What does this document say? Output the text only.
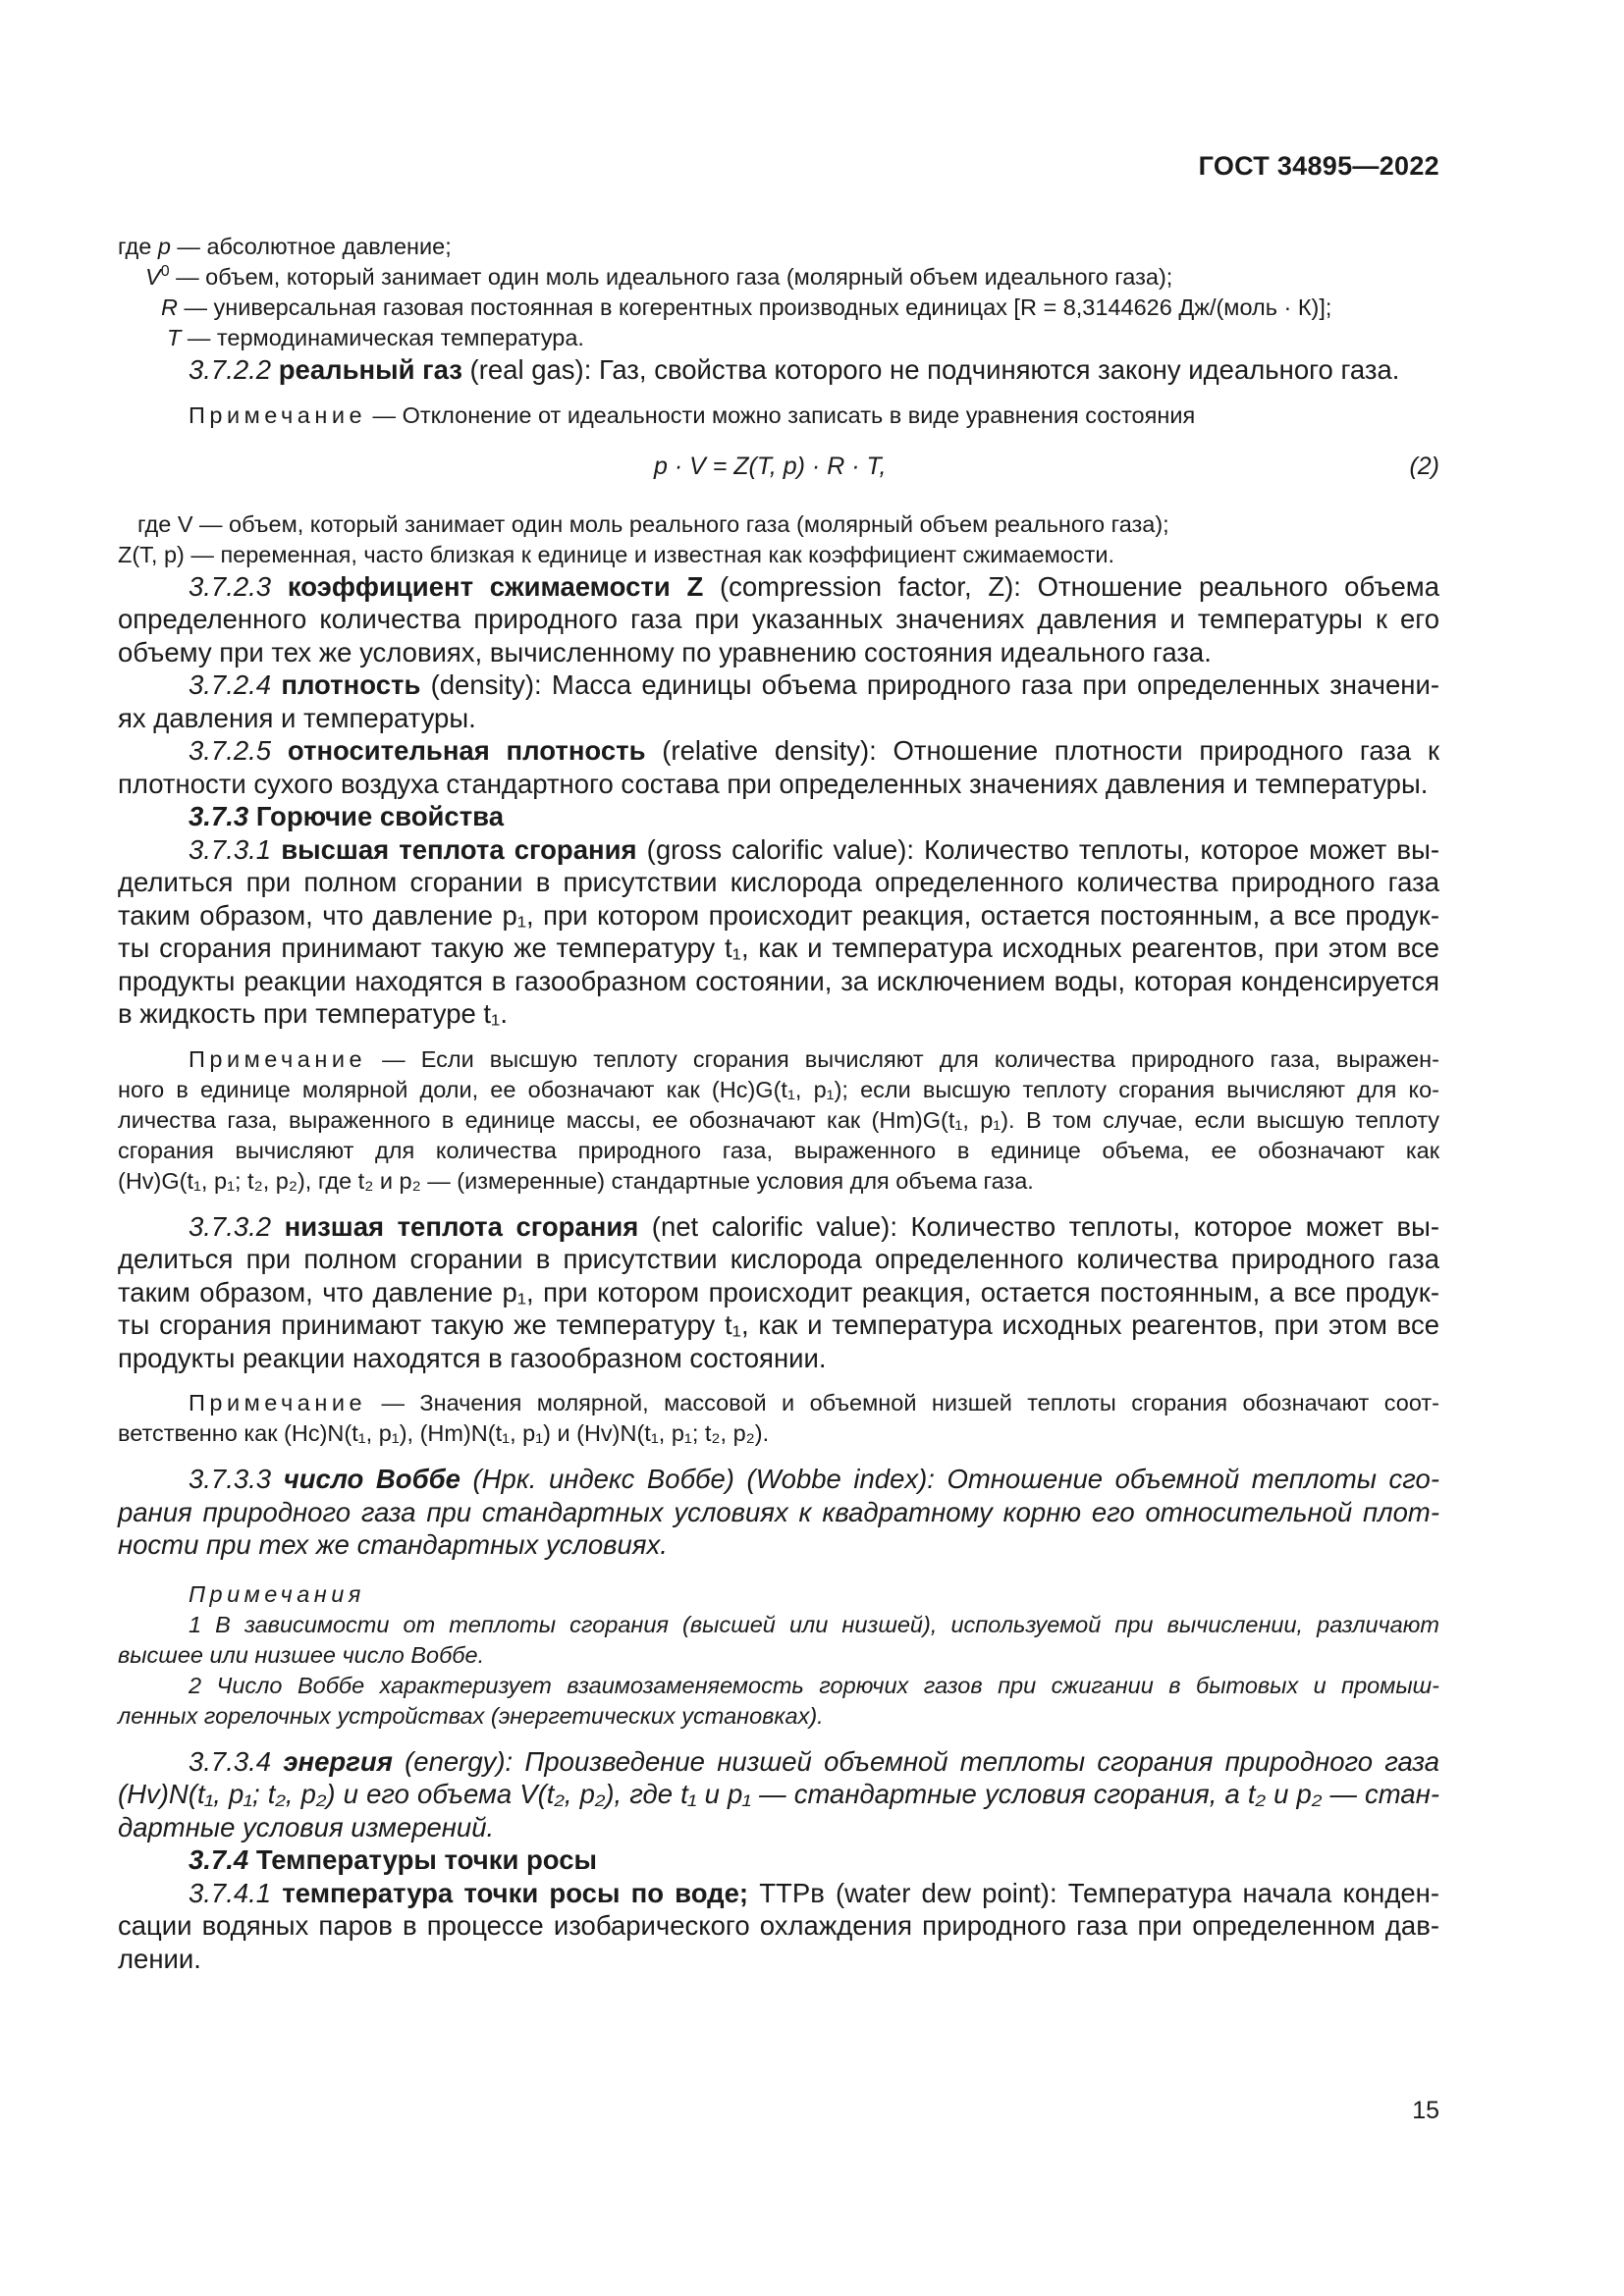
ГОСТ 34895—2022
где p — абсолютное давление;
$V^0$ — объем, который занимает один моль идеального газа (молярный объем идеального газа);
R — универсальная газовая постоянная в когерентных производных единицах [R = 8,3144626 Дж/(моль · К)];
T — термодинамическая температура.
3.7.2.2 реальный газ (real gas): Газ, свойства которого не подчиняются закону идеального газа.
Примечание — Отклонение от идеальности можно записать в виде уравнения состояния
p · V = Z(T, p) · R · T,	(2)
где V — объем, который занимает один моль реального газа (молярный объем реального газа);
Z(T, p) — переменная, часто близкая к единице и известная как коэффициент сжимаемости.
3.7.2.3 коэффициент сжимаемости Z (compression factor, Z): Отношение реального объема
определенного количества природного газа при указанных значениях давления и температуры к его
объему при тех же условиях, вычисленному по уравнению состояния идеального газа.
3.7.2.4 плотность (density): Масса единицы объема природного газа при определенных значени-
ях давления и температуры.
3.7.2.5 относительная плотность (relative density): Отношение плотности природного газа к
плотности сухого воздуха стандартного состава при определенных значениях давления и температуры.
3.7.3 Горючие свойства
3.7.3.1 высшая теплота сгорания (gross calorific value): Количество теплоты, которое может вы-
делиться при полном сгорании в присутствии кислорода определенного количества природного газа
таким образом, что давление p₁, при котором происходит реакция, остается постоянным, а все продук-
ты сгорания принимают такую же температуру t₁, как и температура исходных реагентов, при этом все
продукты реакции находятся в газообразном состоянии, за исключением воды, которая конденсируется
в жидкость при температуре t₁.
Примечание — Если высшую теплоту сгорания вычисляют для количества природного газа, выражен-
ного в единице молярной доли, ее обозначают как (Hc)G(t₁, p₁); если высшую теплоту сгорания вычисляют для ко-
личества газа, выраженного в единице массы, ее обозначают как (Hm)G(t₁, p₁). В том случае, если высшую теплоту
сгорания вычисляют для количества природного газа, выраженного в единице объема, ее обозначают как
(Hv)G(t₁, p₁; t₂, p₂), где t₂ и p₂ — (измеренные) стандартные условия для объема газа.
3.7.3.2 низшая теплота сгорания (net calorific value): Количество теплоты, которое может вы-
делиться при полном сгорании в присутствии кислорода определенного количества природного газа
таким образом, что давление p₁, при котором происходит реакция, остается постоянным, а все продук-
ты сгорания принимают такую же температуру t₁, как и температура исходных реагентов, при этом все
продукты реакции находятся в газообразном состоянии.
Примечание — Значения молярной, массовой и объемной низшей теплоты сгорания обозначают соот-
ветственно как (Hc)N(t₁, p₁), (Hm)N(t₁, p₁) и (Hv)N(t₁, p₁; t₂, p₂).
3.7.3.3 число Воббе (Нрк. индекс Воббе) (Wobbe index): Отношение объемной теплоты сго-
рания природного газа при стандартных условиях к квадратному корню его относительной плот-
ности при тех же стандартных условиях.
Примечания
1 В зависимости от теплоты сгорания (высшей или низшей), используемой при вычислении, различают
высшее или низшее число Воббе.
2 Число Воббе характеризует взаимозаменяемость горючих газов при сжигании в бытовых и промыш-
ленных горелочных устройствах (энергетических установках).
3.7.3.4 энергия (energy): Произведение низшей объемной теплоты сгорания природного газа
(Hv)N(t₁, p₁; t₂, p₂) и его объема V(t₂, p₂), где t₁ и p₁ — стандартные условия сгорания, а t₂ и p₂ — стан-
дартные условия измерений.
3.7.4 Температуры точки росы
3.7.4.1 температура точки росы по воде; ТТРв (water dew point): Температура начала конден-
сации водяных паров в процессе изобарического охлаждения природного газа при определенном дав-
лении.
15
